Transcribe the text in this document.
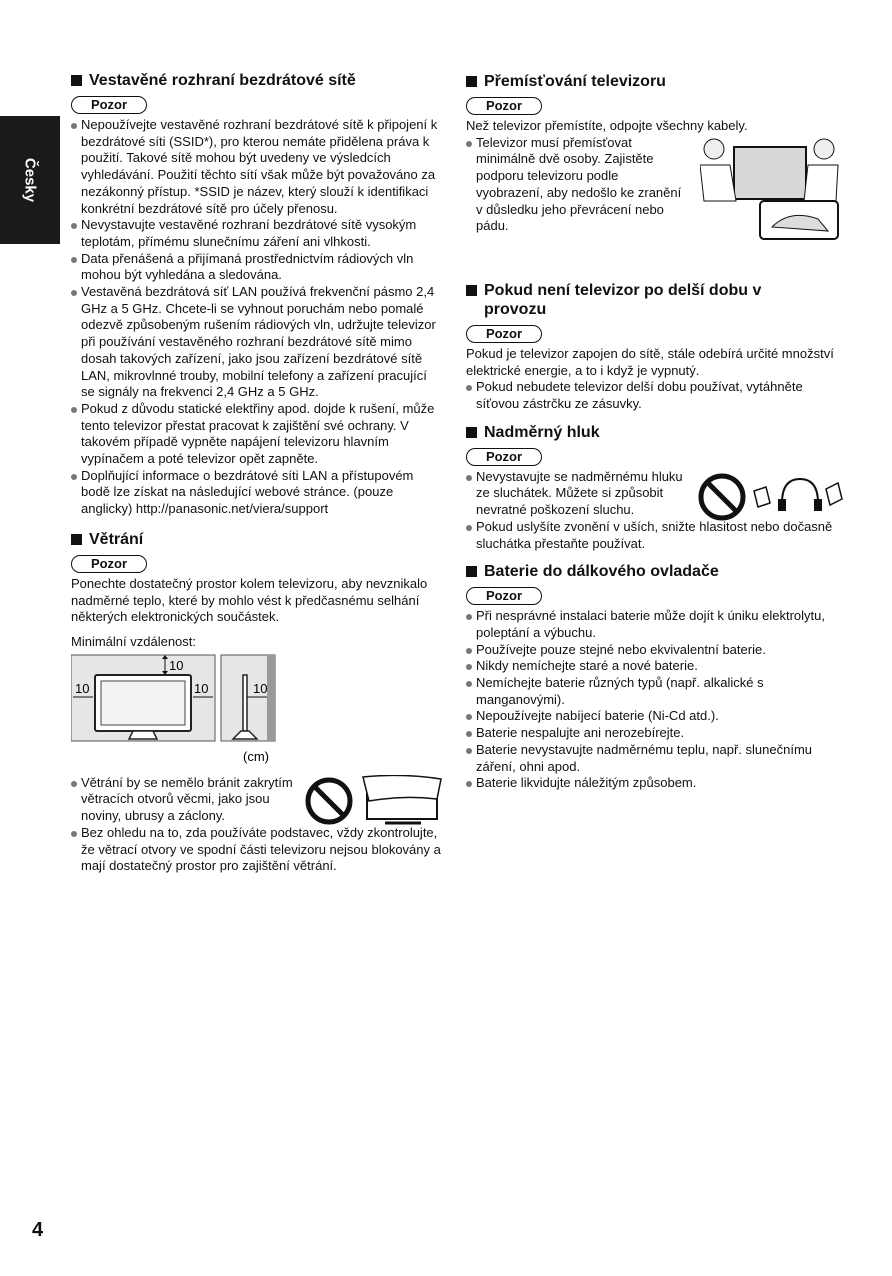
Česky
Vestavěné rozhraní bezdrátové sítě
Pozor
Nepoužívejte vestavěné rozhraní bezdrátové sítě k připojení k bezdrátové síti (SSID*), pro kterou nemáte přidělena práva k použití. Takové sítě mohou být uvedeny ve výsledcích vyhledávání. Použití těchto sítí však může být považováno za nezákonný přístup. *SSID je název, který slouží k identifikaci konkrétní bezdrátové sítě pro účely přenosu.
Nevystavujte vestavěné rozhraní bezdrátové sítě vysokým teplotám, přímému slunečnímu záření ani vlhkosti.
Data přenášená a přijímaná prostřednictvím rádiových vln mohou být vyhledána a sledována.
Vestavěná bezdrátová síť LAN používá frekvenční pásmo 2,4 GHz a 5 GHz. Chcete-li se vyhnout poruchám nebo pomalé odezvě způsobeným rušením rádiových vln, udržujte televizor při používání vestavěného rozhraní bezdrátové sítě mimo dosah takových zařízení, jako jsou zařízení bezdrátové sítě LAN, mikrovlnné trouby, mobilní telefony a zařízení pracující se signály na frekvenci 2,4 GHz a 5 GHz.
Pokud z důvodu statické elektřiny apod. dojde k rušení, může tento televizor přestat pracovat k zajištění své ochrany. V takovém případě vypněte napájení televizoru hlavním vypínačem a poté televizor opět zapněte.
Doplňující informace o bezdrátové síti LAN a přístupovém bodě lze získat na následující webové stránce. (pouze anglicky) http://panasonic.net/viera/support
Větrání
Pozor

Ponechte dostatečný prostor kolem televizoru, aby nevznikalo nadměrné teplo, které by mohlo vést k předčasnému selhání některých elektronických součástek.

Minimální vzdálenost:

10
10	10	10
(cm)
Větrání by se nemělo bránit zakrytím větracích otvorů věcmi, jako jsou noviny, ubrusy a záclony.
Bez ohledu na to, zda používáte podstavec, vždy zkontrolujte, že větrací otvory ve spodní části televizoru nejsou blokovány a mají dostatečný prostor pro zajištění větrání.
Přemísťování televizoru
Pozor

Než televizor přemístíte, odpojte všechny kabely.

Televizor musí přemísťovat minimálně dvě osoby. Zajistěte podporu televizoru podle vyobrazení, aby nedošlo ke zranění v důsledku jeho převrácení nebo pádu.
Pokud není televizor po delší dobu v provozu
Pozor

Pokud je televizor zapojen do sítě, stále odebírá určité množství elektrické energie, a to i když je vypnutý.

Pokud nebudete televizor delší dobu používat, vytáhněte síťovou zástrčku ze zásuvky.
Nadměrný hluk
Pozor
Nevystavujte se nadměrnému hluku ze sluchátek. Můžete si způsobit nevratné poškození sluchu.
Pokud uslyšíte zvonění v uších, snižte hlasitost nebo dočasně sluchátka přestaňte používat.
Baterie do dálkového ovladače
Pozor
Při nesprávné instalaci baterie může dojít k úniku elektrolytu, poleptání a výbuchu.
Používejte pouze stejné nebo ekvivalentní baterie.
Nikdy nemíchejte staré a nové baterie.
Nemíchejte baterie různých typů (např. alkalické s manganovými).
Nepoužívejte nabíjecí baterie (Ni-Cd atd.).
Baterie nespalujte ani nerozebírejte.
Baterie nevystavujte nadměrnému teplu, např. slunečnímu záření, ohni apod.
Baterie likvidujte náležitým způsobem.
4
